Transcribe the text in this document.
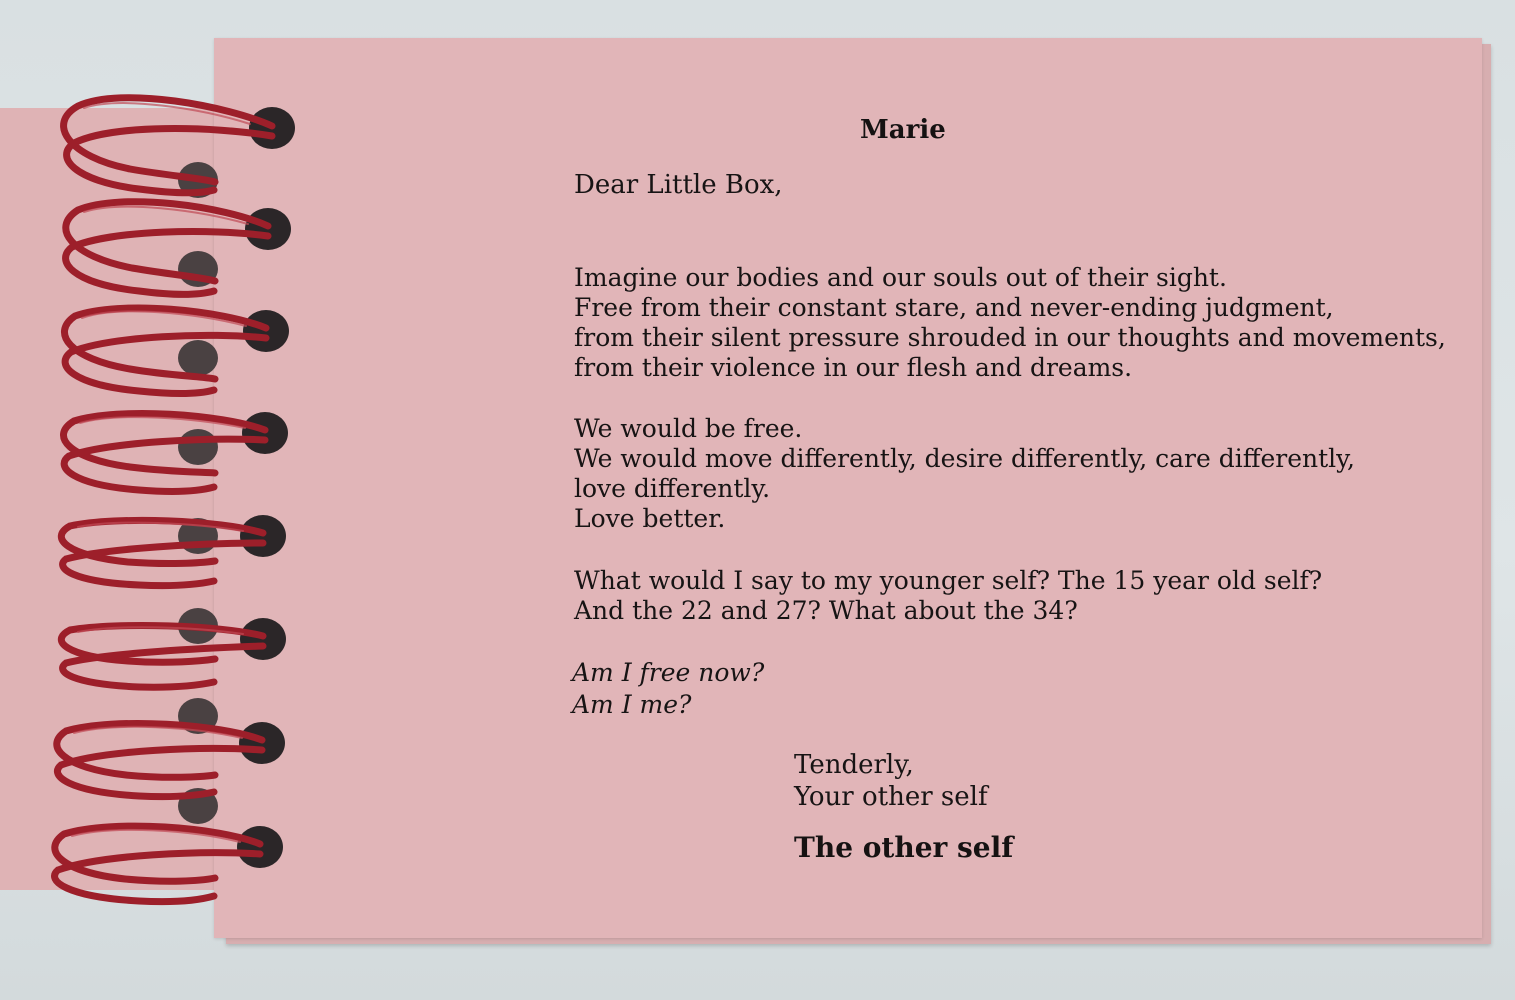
Marie
Dear Little Box,
Imagine our bodies and our souls out of their sight.
Free from their constant stare, and never-ending judgment,
from their silent pressure shrouded in our thoughts and movements,
from their violence in our flesh and dreams.
We would be free.
We would move differently, desire differently, care differently,
love differently.
Love better.
What would I say to my younger self? The 15 year old self?
And the 22 and 27? What about the 34?
Am I free now?
Am I me?
Tenderly,
Your other self
The other self
